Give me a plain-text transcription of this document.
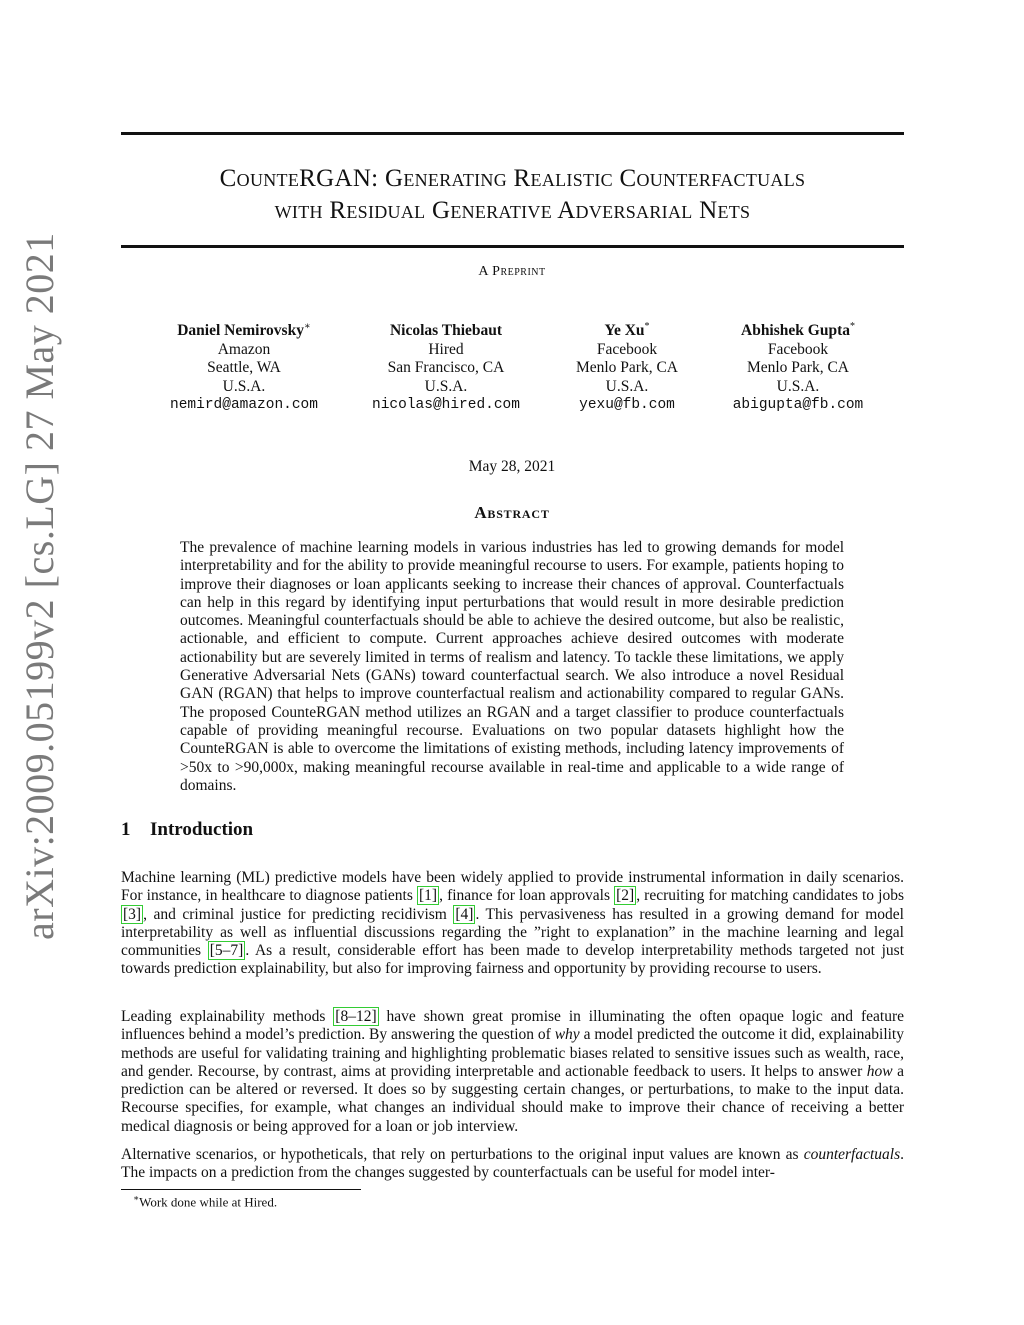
arXiv:2009.05199v2 [cs.LG] 27 May 2021
CounteRGAN: Generating Realistic Counterfactuals
with Residual Generative Adversarial Nets
A Preprint
Daniel Nemirovsky∗
Amazon
Seattle, WA
U.S.A.
nemird@amazon.com
Nicolas Thiebaut
Hired
San Francisco, CA
U.S.A.
nicolas@hired.com
Ye Xu*
Facebook
Menlo Park, CA
U.S.A.
yexu@fb.com
Abhishek Gupta*
Facebook
Menlo Park, CA
U.S.A.
abigupta@fb.com
May 28, 2021
Abstract
The prevalence of machine learning models in various industries has led to growing demands for model interpretability and for the ability to provide meaningful recourse to users. For example, patients hoping to improve their diagnoses or loan applicants seeking to increase their chances of approval. Counterfactuals can help in this regard by identifying input perturbations that would result in more desirable prediction outcomes. Meaningful counterfactuals should be able to achieve the desired outcome, but also be realistic, actionable, and efficient to compute. Current approaches achieve desired outcomes with moderate actionability but are severely limited in terms of realism and latency. To tackle these limitations, we apply Generative Adversarial Nets (GANs) toward counterfactual search. We also introduce a novel Residual GAN (RGAN) that helps to improve counterfactual realism and actionability compared to regular GANs. The proposed CounteRGAN method utilizes an RGAN and a target classifier to produce counterfactuals capable of providing meaningful recourse. Evaluations on two popular datasets highlight how the CounteRGAN is able to overcome the limitations of existing methods, including latency improvements of >50x to >90,000x, making meaningful recourse available in real-time and applicable to a wide range of domains.
1 Introduction

Machine learning (ML) predictive models have been widely applied to provide instrumental information in daily scenarios. For instance, in healthcare to diagnose patients [1] , finance for loan approvals [2] , recruiting for matching candidates to jobs [3] , and criminal justice for predicting recidivism [4] . This pervasiveness has resulted in a growing demand for model interpretability as well as influential discussions regarding the ”right to explanation” in the machine learning and legal communities [5–7] . As a result, considerable effort has been made to develop interpretability methods targeted not just towards prediction explainability, but also for improving fairness and opportunity by providing recourse to users.

Leading explainability methods [8–12] have shown great promise in illuminating the often opaque logic and feature influences behind a model’s prediction. By answering the question of why a model predicted the outcome it did, explainability methods are useful for validating training and highlighting problematic biases related to sensitive issues such as wealth, race, and gender. Recourse, by contrast, aims at providing interpretable and actionable feedback to users. It helps to answer how a prediction can be altered or reversed. It does so by suggesting certain changes, or perturbations, to make to the input data. Recourse specifies, for example, what changes an individual should make to improve their chance of receiving a better medical diagnosis or being approved for a loan or job interview.

Alternative scenarios, or hypotheticals, that rely on perturbations to the original input values are known as counterfactuals. The impacts on a prediction from the changes suggested by counterfactuals can be useful for model inter-

∗Work done while at Hired.
